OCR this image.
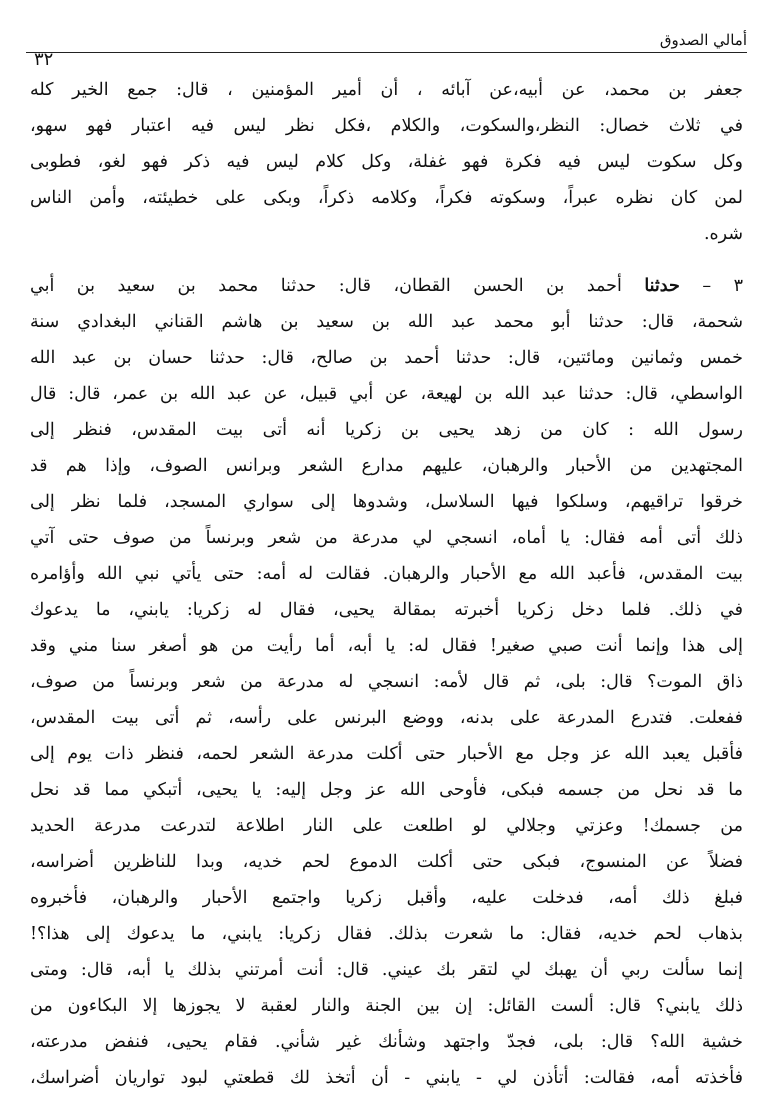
أمالي الصدوق
٣٢
جعفر بن محمد، عن أبيه،عن آبائه ، أن أمير المؤمنين ، قال: جمع الخير كله
في ثلاث خصال: النظر،والسكوت، والكلام ،فكل نظر ليس فيه اعتبار فهو سهو،
وكل سكوت ليس فيه فكرة فهو غفلة، وكل كلام ليس فيه ذكر فهو لغو، فطوبى
لمن كان نظره عبراً، وسكوته فكراً، وكلامه ذكراً، وبكى على خطيئته، وأمن الناس
شره.
٣ – حدثنا أحمد بن الحسن القطان، قال: حدثنا محمد بن سعيد بن أبي
شحمة، قال: حدثنا أبو محمد عبد الله بن سعيد بن هاشم القناني البغدادي سنة
خمس وثمانين ومائتين، قال: حدثنا أحمد بن صالح، قال: حدثنا حسان بن عبد الله
الواسطي، قال: حدثنا عبد الله بن لهيعة، عن أبي قبيل، عن عبد الله بن عمر، قال: قال
رسول الله : كان من زهد يحيى بن زكريا أنه أتى بيت المقدس، فنظر إلى
المجتهدين من الأحبار والرهبان، عليهم مدارع الشعر وبرانس الصوف، وإذا هم قد
خرقوا تراقيهم، وسلكوا فيها السلاسل، وشدوها إلى سواري المسجد، فلما نظر إلى
ذلك أتى أمه فقال: يا أماه، انسجي لي مدرعة من شعر وبرنساً من صوف حتى آتي
بيت المقدس، فأعبد الله مع الأحبار والرهبان. فقالت له أمه: حتى يأتي نبي الله وأؤامره
في ذلك. فلما دخل زكريا أخبرته بمقالة يحيى، فقال له زكريا: يابني، ما يدعوك
إلى هذا وإنما أنت صبي صغير! فقال له: يا أبه، أما رأيت من هو أصغر سنا مني وقد
ذاق الموت؟ قال: بلى، ثم قال لأمه: انسجي له مدرعة من شعر وبرنساً من صوف،
ففعلت. فتدرع المدرعة على بدنه، ووضع البرنس على رأسه، ثم أتى بيت المقدس،
فأقبل يعبد الله عز وجل مع الأحبار حتى أكلت مدرعة الشعر لحمه، فنظر ذات يوم إلى
ما قد نحل من جسمه فبكى، فأوحى الله عز وجل إليه: يا يحيى، أتبكي مما قد نحل
من جسمك! وعزتي وجلالي لو اطلعت على النار اطلاعة لتدرعت مدرعة الحديد
فضلاً عن المنسوج، فبكى حتى أكلت الدموع لحم خديه، وبدا للناظرين أضراسه،
فبلغ ذلك أمه، فدخلت عليه، وأقبل زكريا واجتمع الأحبار والرهبان، فأخبروه
بذهاب لحم خديه، فقال: ما شعرت بذلك. فقال زكريا: يابني، ما يدعوك إلى هذا؟!
إنما سألت ربي أن يهبك لي لتقر بك عيني. قال: أنت أمرتني بذلك يا أبه، قال: ومتى
ذلك يابني؟ قال: ألست القائل: إن بين الجنة والنار لعقبة لا يجوزها إلا البكاءون من
خشية الله؟ قال: بلى، فجدّ واجتهد وشأنك غير شأني. فقام يحيى، فنفض مدرعته،
فأخذته أمه، فقالت: أتأذن لي - يابني - أن أتخذ لك قطعتي لبود تواريان أضراسك،
